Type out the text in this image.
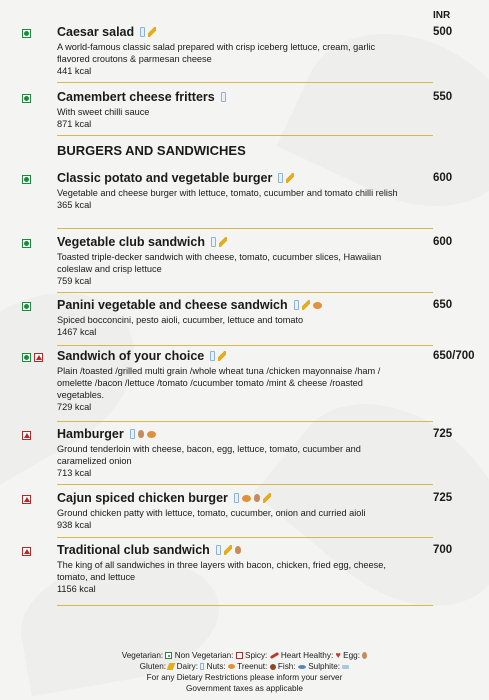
INR
BURGERS AND SANDWICHES
Caesar salad	500
A world-famous classic salad prepared with crisp iceberg lettuce, cream, garlic flavored croutons & parmesan cheese
441 kcal
Camembert cheese fritters	550
With sweet chilli sauce
871 kcal
Classic potato and vegetable burger	600
Vegetable and cheese burger with lettuce, tomato, cucumber and tomato chilli relish
365 kcal
Vegetable club sandwich	600
Toasted triple-decker sandwich with cheese, tomato, cucumber slices, Hawaiian coleslaw and crisp lettuce
759 kcal
Panini vegetable and cheese sandwich	650
Spiced bocconcini, pesto aioli, cucumber, lettuce and tomato
1467 kcal
Sandwich of your choice	650/700
Plain /toasted /grilled multi grain /whole wheat tuna /chicken mayonnaise /ham / omelette /bacon /lettuce /tomato /cucumber tomato /mint & cheese /roasted vegetables.
729 kcal
Hamburger	725
Ground tenderloin with cheese, bacon, egg, lettuce, tomato, cucumber and caramelized onion
713 kcal
Cajun spiced chicken burger	725
Ground chicken patty with lettuce, tomato, cucumber, onion and curried aioli
938 kcal
Traditional club sandwich	700
The king of all sandwiches in three layers with bacon, chicken, fried egg, cheese, tomato, and lettuce
1156 kcal
Vegetarian: Non Vegetarian: Spicy: Heart Healthy: ♥ Egg:
Gluten: Dairy: Nuts: Treenut: Fish: Sulphite:
For any Dietary Restrictions please inform your server
Government taxes as applicable
